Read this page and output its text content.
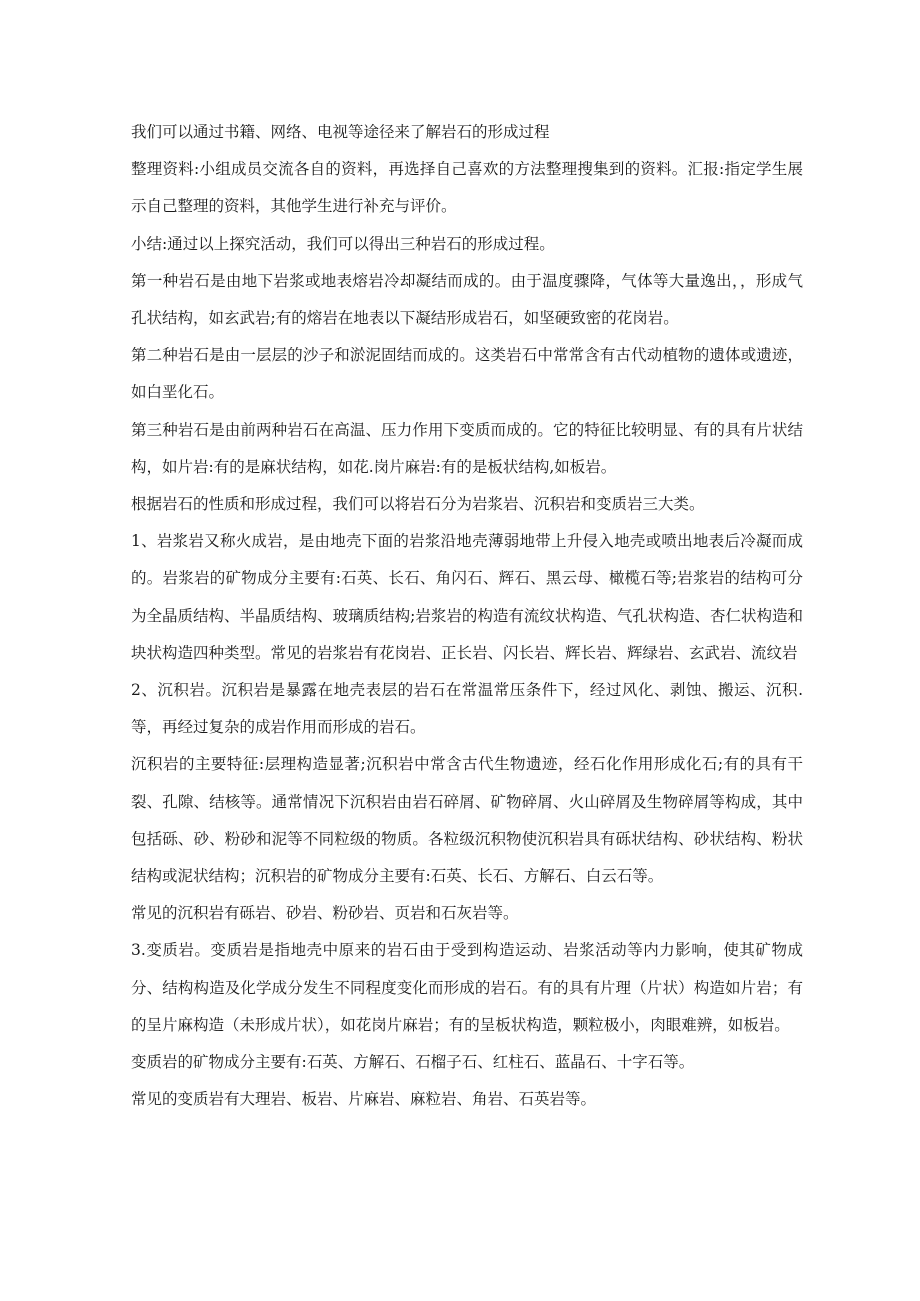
我们可以通过书籍、网络、电视等途径来了解岩石的形成过程

整理资料:小组成员交流各自的资料，再选择自己喜欢的方法整理搜集到的资料。汇报:指定学生展示自己整理的资料，其他学生进行补充与评价。

小结:通过以上探究活动，我们可以得出三种岩石的形成过程。

第一种岩石是由地下岩浆或地表熔岩冷却凝结而成的。由于温度骤降，气体等大量逸出，，形成气孔状结构，如玄武岩;有的熔岩在地表以下凝结形成岩石，如坚硬致密的花岗岩。

第二种岩石是由一层层的沙子和淤泥固结而成的。这类岩石中常常含有古代动植物的遗体或遗迹，如白垩化石。

第三种岩石是由前两种岩石在高温、压力作用下变质而成的。它的特征比较明显、有的具有片状结构，如片岩:有的是麻状结构，如花.岗片麻岩:有的是板状结构,如板岩。

根据岩石的性质和形成过程，我们可以将岩石分为岩浆岩、沉积岩和变质岩三大类。

1、岩浆岩又称火成岩，是由地壳下面的岩浆沿地壳薄弱地带上升侵入地壳或喷出地表后冷凝而成的。岩浆岩的矿物成分主要有:石英、长石、角闪石、辉石、黑云母、橄榄石等;岩浆岩的结构可分为全晶质结构、半晶质结构、玻璃质结构;岩浆岩的构造有流纹状构造、气孔状构造、杏仁状构造和块状构造四种类型。常见的岩浆岩有花岗岩、正长岩、闪长岩、辉长岩、辉绿岩、玄武岩、流纹岩

2、沉积岩。沉积岩是暴露在地壳表层的岩石在常温常压条件下，经过风化、剥蚀、搬运、沉积.等，再经过复杂的成岩作用而形成的岩石。

沉积岩的主要特征:层理构造显著;沉积岩中常含古代生物遗迹，经石化作用形成化石;有的具有干裂、孔隙、结核等。通常情况下沉积岩由岩石碎屑、矿物碎屑、火山碎屑及生物碎屑等构成，其中包括砾、砂、粉砂和泥等不同粒级的物质。各粒级沉积物使沉积岩具有砾状结构、砂状结构、粉状结构或泥状结构；沉积岩的矿物成分主要有:石英、长石、方解石、白云石等。

常见的沉积岩有砾岩、砂岩、粉砂岩、页岩和石灰岩等。

3.变质岩。变质岩是指地壳中原来的岩石由于受到构造运动、岩浆活动等内力影响，使其矿物成分、结构构造及化学成分发生不同程度变化而形成的岩石。有的具有片理（片状）构造如片岩；有的呈片麻构造（未形成片状），如花岗片麻岩；有的呈板状构造，颗粒极小，肉眼难辨，如板岩。

变质岩的矿物成分主要有:石英、方解石、石榴子石、红柱石、蓝晶石、十字石等。

常见的变质岩有大理岩、板岩、片麻岩、麻粒岩、角岩、石英岩等。
